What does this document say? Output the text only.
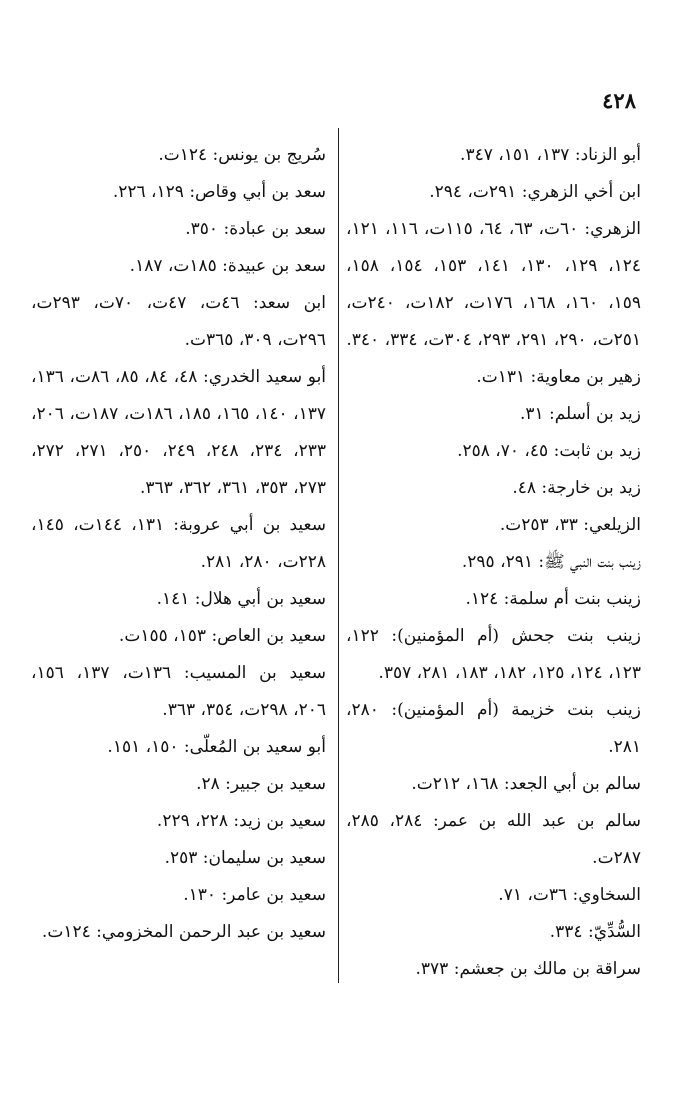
٤٢٨

أبو الزناد: ١٣٧، ١٥١، ٣٤٧.

ابن أخي الزهري: ٢٩١ت، ٢٩٤.

الزهري: ٦٠ت، ٦٣، ٦٤، ١١٥ت، ١١٦، ١٢١، ١٢٤، ١٢٩، ١٣٠، ١٤١، ١٥٣، ١٥٤، ١٥٨، ١٥٩، ١٦٠، ١٦٨، ١٧٦ت، ١٨٢ت، ٢٤٠ت، ٢٥١ت، ٢٩٠، ٢٩١، ٢٩٣، ٣٠٤ت، ٣٣٤، ٣٤٠.

زهير بن معاوية: ١٣١ت.

زيد بن أسلم: ٣١.

زيد بن ثابت: ٤٥، ٧٠، ٢٥٨.

زيد بن خارجة: ٤٨.

الزيلعي: ٣٣، ٢٥٣ت.

زينب بنت النبي ﷺ: ٢٩١، ٢٩٥.

زينب بنت أم سلمة: ١٢٤.

زينب بنت جحش (أم المؤمنين): ١٢٢، ١٢٣، ١٢٤، ١٢٥، ١٨٢، ١٨٣، ٢٨١، ٣٥٧.

زينب بنت خزيمة (أم المؤمنين): ٢٨٠، ٢٨١.

سالم بن أبي الجعد: ١٦٨، ٢١٢ت.

سالم بن عبد الله بن عمر: ٢٨٤، ٢٨٥، ٢٨٧ت.

السخاوي: ٣٦ت، ٧١.

السُّدِّيّ: ٣٣٤.

سراقة بن مالك بن جعشم: ٣٧٣.

سُريج بن يونس: ١٢٤ت.

سعد بن أبي وقاص: ١٢٩، ٢٢٦.

سعد بن عبادة: ٣٥٠.

سعد بن عبيدة: ١٨٥ت، ١٨٧.

ابن سعد: ٤٦ت، ٤٧ت، ٧٠ت، ٢٩٣ت، ٢٩٦ت، ٣٠٩، ٣٦٥ت.

أبو سعيد الخدري: ٤٨، ٨٤، ٨٥، ٨٦ت، ١٣٦، ١٣٧، ١٤٠، ١٦٥، ١٨٥، ١٨٦ت، ١٨٧ت، ٢٠٦، ٢٣٣، ٢٣٤، ٢٤٨، ٢٤٩، ٢٥٠، ٢٧١، ٢٧٢، ٢٧٣، ٣٥٣، ٣٦١، ٣٦٢، ٣٦٣.

سعيد بن أبي عروبة: ١٣١، ١٤٤ت، ١٤٥، ٢٢٨ت، ٢٨٠، ٢٨١.

سعيد بن أبي هلال: ١٤١.

سعيد بن العاص: ١٥٣، ١٥٥ت.

سعيد بن المسيب: ١٣٦ت، ١٣٧، ١٥٦، ٢٠٦، ٢٩٨ت، ٣٥٤، ٣٦٣.

أبو سعيد بن المُعلّى: ١٥٠، ١٥١.

سعيد بن جبير: ٢٨.

سعيد بن زيد: ٢٢٨، ٢٢٩.

سعيد بن سليمان: ٢٥٣.

سعيد بن عامر: ١٣٠.

سعيد بن عبد الرحمن المخزومي: ١٢٤ت.
